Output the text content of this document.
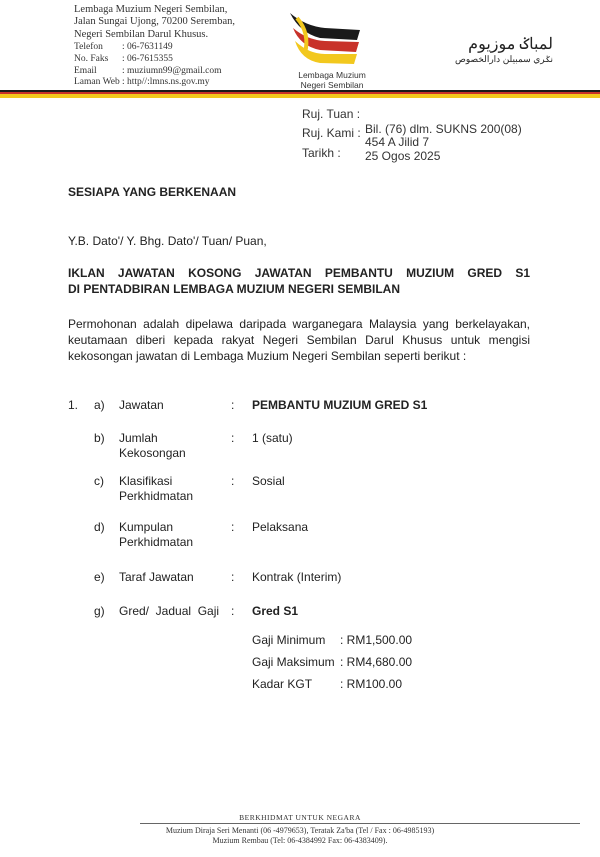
Lembaga Muzium Negeri Sembilan,
Jalan Sungai Ujong, 70200 Seremban,
Negeri Sembilan Darul Khusus.
Telefon : 06-7631149
No. Faks : 06-7615355
Email	: muziumn99@gmail.com
Laman Web : http//:lmns.ns.gov.my
Lembaga Muzium
Negeri Sembilan
لمباݢ موزيوم
نݢري سمبيلن دارالخصوص
Ruj. Tuan :
Ruj. Kami : Bil. (76) dlm. SUKNS 200(08)
454 A Jilid 7
Tarikh :	25 Ogos 2025
SESIAPA YANG BERKENAAN
Y.B. Dato'/ Y. Bhg. Dato'/ Tuan/ Puan,
IKLAN JAWATAN KOSONG JAWATAN PEMBANTU MUZIUM GRED S1
DI PENTADBIRAN LEMBAGA MUZIUM NEGERI SEMBILAN
Permohonan adalah dipelawa daripada warganegara Malaysia yang berkelayakan,
keutamaan diberi kepada rakyat Negeri Sembilan Darul Khusus untuk mengisi
kekosongan jawatan di Lembaga Muzium Negeri Sembilan seperti berikut :
1. a) Jawatan	: PEMBANTU MUZIUM GRED S1
b) Jumlah
Kekosongan
: 1 (satu)
c) Klasifikasi
Perkhidmatan
: Sosial
d) Kumpulan
Perkhidmatan
: Pelaksana
e) Taraf Jawatan	: Kontrak (Interim)
g) Gred/  Jadual  Gaji : Gred S1
Gaji Minimum : RM1,500.00
Gaji Maksimum : RM4,680.00
Kadar KGT : RM100.00
BERKHIDMAT UNTUK NEGARA
Muzium Diraja Seri Menanti (06 -4979653), Teratak Za'ba (Tel / Fax : 06-4985193)
Muzium Rembau (Tel: 06-4384992 Fax: 06-4383409).
